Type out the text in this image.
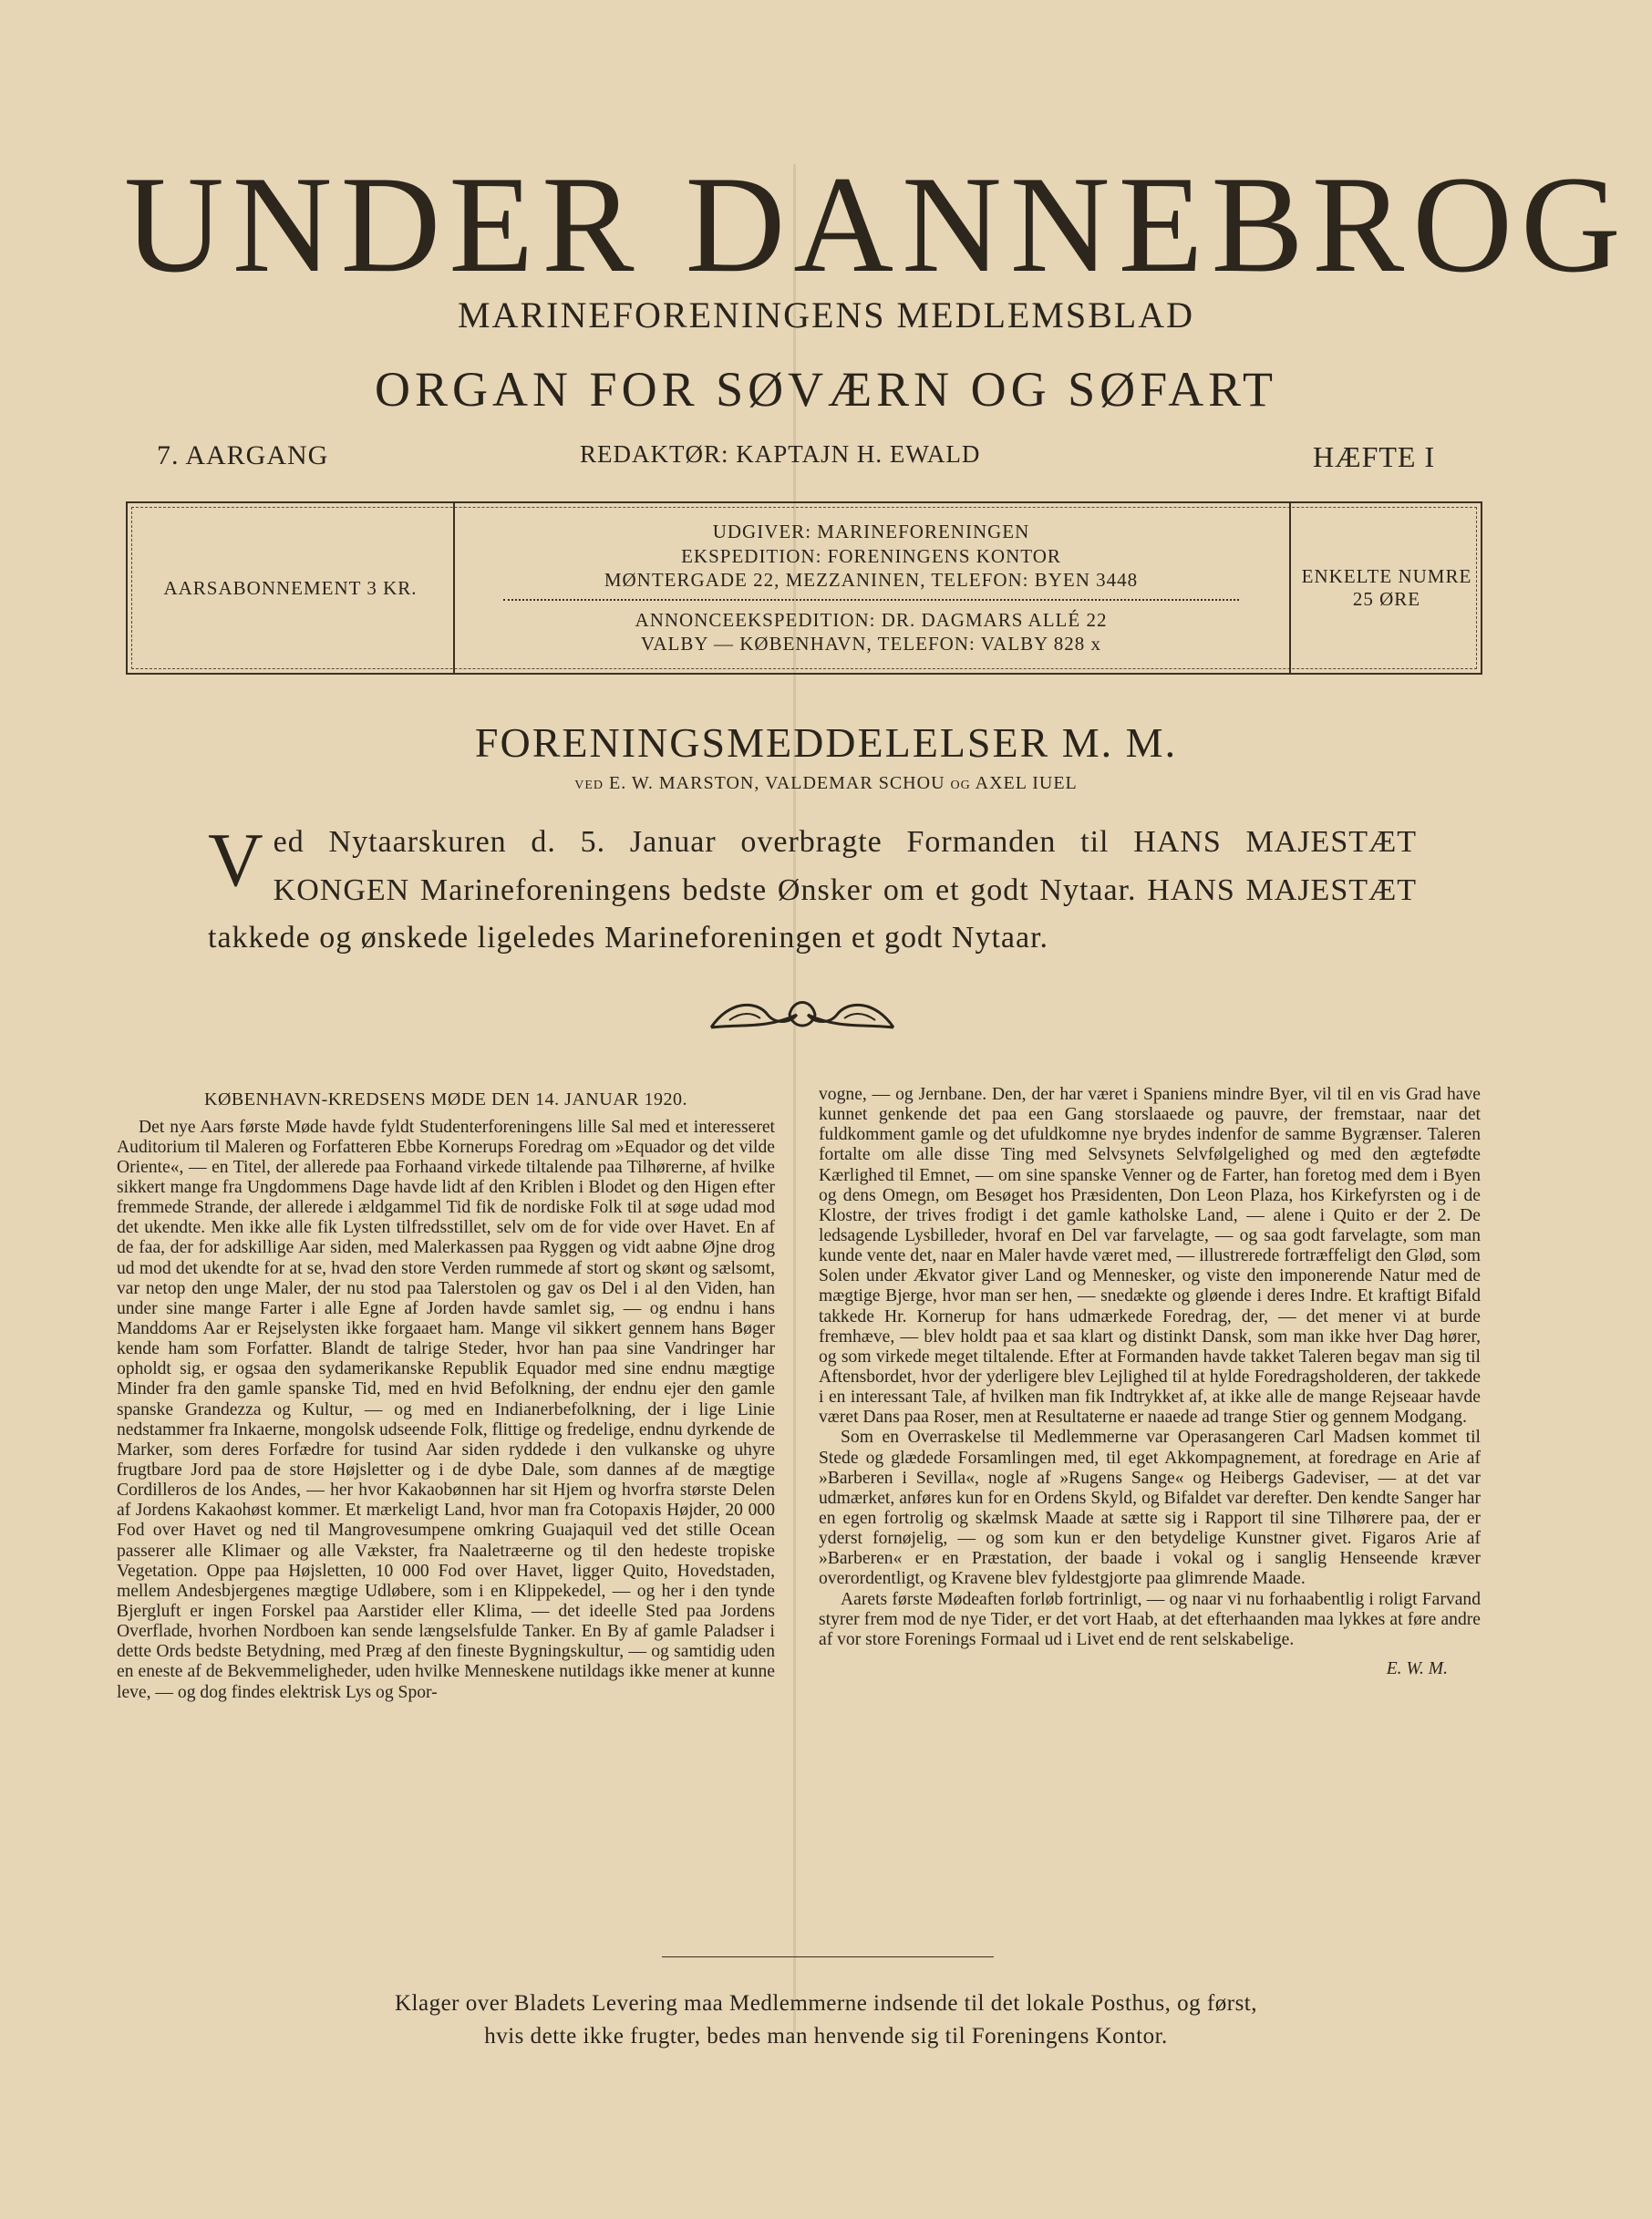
UNDER DANNEBROG
MARINEFORENINGENS MEDLEMSBLAD
ORGAN FOR SØVÆRN OG SØFART
7. AARGANG	REDAKTØR: KAPTAJN H. EWALD	HÆFTE I
AARSABONNEMENT 3 KR.
UDGIVER: MARINEFORENINGEN
EKSPEDITION: FORENINGENS KONTOR
MØNTERGADE 22, MEZZANINEN, TELEFON: BYEN 3448
ANNONCEEKSPEDITION: DR. DAGMARS ALLÉ 22
VALBY — KØBENHAVN, TELEFON: VALBY 828 x
ENKELTE NUMRE 25 ØRE
FORENINGSMEDDELELSER M. M.
VED E. W. MARSTON, VALDEMAR SCHOU OG AXEL IUEL
Ved Nytaarskuren d. 5. Januar overbragte Formanden til HANS MAJESTÆT KONGEN Marineforeningens bedste Ønsker om et godt Nytaar. HANS MAJESTÆT takkede og ønskede ligeledes Marineforeningen et godt Nytaar.
KØBENHAVN-KREDSENS MØDE DEN 14. JANUAR 1920.

Det nye Aars første Møde havde fyldt Studenterforeningens lille Sal med et interesseret Auditorium til Maleren og Forfatteren Ebbe Kornerups Foredrag om »Equador og det vilde Oriente«, — en Titel, der allerede paa Forhaand virkede tiltalende paa Tilhørerne, af hvilke sikkert mange fra Ungdommens Dage havde lidt af den Kriblen i Blodet og den Higen efter fremmede Strande, der allerede i ældgammel Tid fik de nordiske Folk til at søge udad mod det ukendte. Men ikke alle fik Lysten tilfredsstillet, selv om de for vide over Havet. En af de faa, der for adskillige Aar siden, med Malerkassen paa Ryggen og vidt aabne Øjne drog ud mod det ukendte for at se, hvad den store Verden rummede af stort og skønt og sælsomt, var netop den unge Maler, der nu stod paa Talerstolen og gav os Del i al den Viden, han under sine mange Farter i alle Egne af Jorden havde samlet sig, — og endnu i hans Manddoms Aar er Rejselysten ikke forgaaet ham. Mange vil sikkert gennem hans Bøger kende ham som Forfatter. Blandt de talrige Steder, hvor han paa sine Vandringer har opholdt sig, er ogsaa den sydamerikanske Republik Equador med sine endnu mægtige Minder fra den gamle spanske Tid, med en hvid Befolkning, der endnu ejer den gamle spanske Grandezza og Kultur, — og med en Indianerbefolkning, der i lige Linie nedstammer fra Inkaerne, mongolsk udseende Folk, flittige og fredelige, endnu dyrkende de Marker, som deres Forfædre for tusind Aar siden ryddede i den vulkanske og uhyre frugtbare Jord paa de store Højsletter og i de dybe Dale, som dannes af de mægtige Cordilleros de los Andes, — her hvor Kakaobønnen har sit Hjem og hvorfra største Delen af Jordens Kakaohøst kommer. Et mærkeligt Land, hvor man fra Cotopaxis Højder, 20 000 Fod over Havet og ned til Mangrovesumpene omkring Guajaquil ved det stille Ocean passerer alle Klimaer og alle Vækster, fra Naaletræerne og til den hedeste tropiske Vegetation. Oppe paa Højsletten, 10 000 Fod over Havet, ligger Quito, Hovedstaden, mellem Andesbjergenes mægtige Udløbere, som i en Klippekedel, — og her i den tynde Bjergluft er ingen Forskel paa Aarstider eller Klima, — det ideelle Sted paa Jordens Overflade, hvorhen Nordboen kan sende længselsfulde Tanker. En By af gamle Paladser i dette Ords bedste Betydning, med Præg af den fineste Bygningskultur, — og samtidig uden en eneste af de Bekvemmeligheder, uden hvilke Menneskene nutildags ikke mener at kunne leve, — og dog findes elektrisk Lys og Spor-

vogne, — og Jernbane. Den, der har været i Spaniens mindre Byer, vil til en vis Grad have kunnet genkende det paa een Gang storslaaede og pauvre, der fremstaar, naar det fuldkomment gamle og det ufuldkomne nye brydes indenfor de samme Bygrænser. Taleren fortalte om alle disse Ting med Selvsynets Selvfølgelighed og med den ægtefødte Kærlighed til Emnet, — om sine spanske Venner og de Farter, han foretog med dem i Byen og dens Omegn, om Besøget hos Præsidenten, Don Leon Plaza, hos Kirkefyrsten og i de Klostre, der trives frodigt i det gamle katholske Land, — alene i Quito er der 2. De ledsagende Lysbilleder, hvoraf en Del var farvelagte, — og saa godt farvelagte, som man kunde vente det, naar en Maler havde været med, — illustrerede fortræffeligt den Glød, som Solen under Ækvator giver Land og Mennesker, og viste den imponerende Natur med de mægtige Bjerge, hvor man ser hen, — snedækte og gløende i deres Indre. Et kraftigt Bifald takkede Hr. Kornerup for hans udmærkede Foredrag, der, — det mener vi at burde fremhæve, — blev holdt paa et saa klart og distinkt Dansk, som man ikke hver Dag hører, og som virkede meget tiltalende. Efter at Formanden havde takket Taleren begav man sig til Aftensbordet, hvor der yderligere blev Lejlighed til at hylde Foredragsholderen, der takkede i en interessant Tale, af hvilken man fik Indtrykket af, at ikke alle de mange Rejseaar havde været Dans paa Roser, men at Resultaterne er naaede ad trange Stier og gennem Modgang.

Som en Overraskelse til Medlemmerne var Operasangeren Carl Madsen kommet til Stede og glædede Forsamlingen med, til eget Akkompagnement, at foredrage en Arie af »Barberen i Sevilla«, nogle af »Rugens Sange« og Heibergs Gadeviser, — at det var udmærket, anføres kun for en Ordens Skyld, og Bifaldet var derefter. Den kendte Sanger har en egen fortrolig og skælmsk Maade at sætte sig i Rapport til sine Tilhørere paa, der er yderst fornøjelig, — og som kun er den betydelige Kunstner givet. Figaros Arie af »Barberen« er en Præstation, der baade i vokal og i sanglig Henseende kræver overordentligt, og Kravene blev fyldestgjorte paa glimrende Maade.

Aarets første Mødeaften forløb fortrinligt, — og naar vi nu forhaabentlig i roligt Farvand styrer frem mod de nye Tider, er det vort Haab, at det efterhaanden maa lykkes at føre andre af vor store Forenings Formaal ud i Livet end de rent selskabelige.

E. W. M.
Klager over Bladets Levering maa Medlemmerne indsende til det lokale Posthus, og først,
hvis dette ikke frugter, bedes man henvende sig til Foreningens Kontor.
